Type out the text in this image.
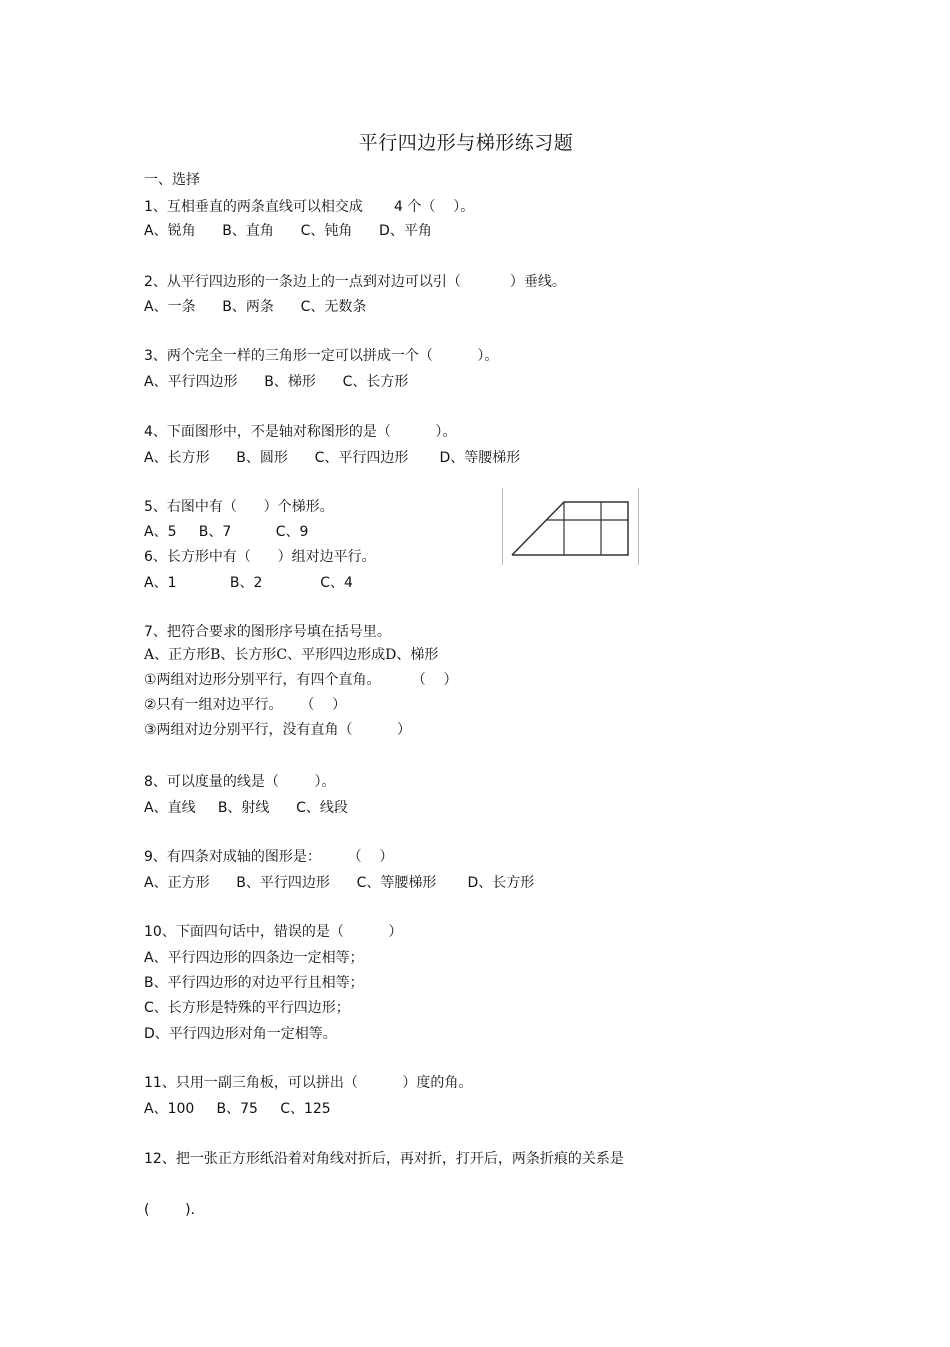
平行四边形与梯形练习题
一、选择
1、互相垂直的两条直线可以相交成       4 个（    ）。
A、锐角      B、直角      C、钝角      D、平角
2、从平行四边形的一条边上的一点到对边可以引（           ）垂线。
A、一条      B、两条      C、无数条
3、两个完全一样的三角形一定可以拼成一个（          ）。
A、平行四边形      B、梯形      C、长方形
4、下面图形中，不是轴对称图形的是（          ）。
A、长方形      B、圆形      C、平行四边形       D、等腰梯形
5、右图中有（      ）个梯形。
A、5     B、7          C、9
6、长方形中有（      ）组对边平行。
A、1            B、2             C、4
7、把符合要求的图形序号填在括号里。
A、正方形B、长方形C、平形四边形成D、梯形
①两组对边形分别平行，有四个直角。       （    ）
②只有一组对边平行。    （    ）
③两组对边分别平行，没有直角（          ）
8、可以度量的线是（        ）。
A、直线     B、射线      C、线段
9、有四条对成轴的图形是：      （    ）
A、正方形      B、平行四边形      C、等腰梯形       D、长方形
10、下面四句话中，错误的是（          ）
A、平行四边形的四条边一定相等；
B、平行四边形的对边平行且相等；
C、长方形是特殊的平行四边形；
D、平行四边形对角一定相等。
11、只用一副三角板，可以拼出（          ）度的角。
A、100     B、75     C、125
12、把一张正方形纸沿着对角线对折后，再对折，打开后，两条折痕的关系是
(        ).
